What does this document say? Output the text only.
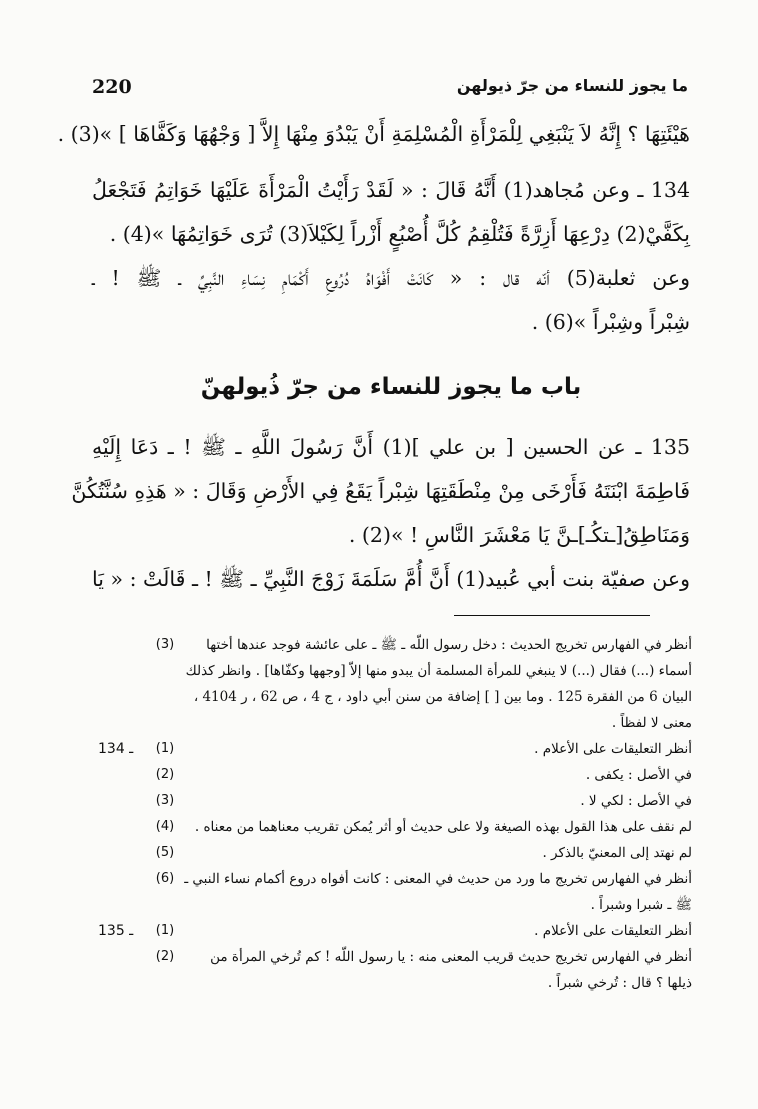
ما يجوز للنساء من جرّ ذيولهن
220
هَيْئَتِهَا ؟ إِنَّهُ لاَ يَنْبَغِي لِلْمَرْأَةِ الْمُسْلِمَةِ أَنْ يَبْدُوَ مِنْهَا إِلاَّ [ وَجْهُهَا وَكَفَّاهَا ] »(3) .
134 ـ وعن مُجاهد(1) أَنَّهُ قَالَ : « لَقَدْ رَأَيْتُ الْمَرْأَةَ عَلَيْهَا خَوَاتِمُ فَتَجْعَلُ
بِكَفَّيْ(2) دِرْعِهَا أَزِرَّةً فَتُلْقِمُ كُلَّ أُصْبُعٍ أَزْراً لِكَيْلاَ(3) تُرَى خَوَاتِمُهَا »(4) .
وعن ثعلبة(5) أنّه قال : « كَانَتْ أَفْوَاهُ دُرُوعِ أَكْمَامِ نِسَاءِ النَّبِيِّ ـ ﷺ ! ـ
شِبْراً وشِبْراً »(6) .
باب ما يجوز للنساء من جرّ ذُيولهنّ
135 ـ عن الحسين [ بن علي ](1) أَنَّ رَسُولَ اللَّهِ ـ ﷺ ! ـ دَعَا إِلَيْهِ
فَاطِمَةَ ابْنَتَهُ فَأَرْخَى مِنْ مِنْطَقَتِهَا شِبْراً يَقَعُ فِي الأَرْضِ وَقَالَ : « هَذِهِ سُنَّتُكُنَّ
وَمَنَاطِقُ[ـتكُـ]ـنَّ يَا مَعْشَرَ النَّاسِ ! »(2) .
وعن صفيّة بنت أبي عُبيد(1) أَنَّ أُمَّ سَلَمَةَ زَوْجَ النَّبِيِّ ـ ﷺ ! ـ قَالَتْ : « يَا
(3)	أنظر في الفهارس تخريج الحديث : دخل رسول اللّه ـ ﷺ ـ على عائشة فوجد عندها أختها أسماء (...) فقال (...) لا ينبغي للمرأة المسلمة أن يبدو منها إلاّ [وجهها وكفّاها] . وانظر كذلك البيان 6 من الفقرة 125 . وما بين [ ] إضافة من سنن أبي داود ، ج 4 ، ص 62 ، ر 4104 ، معنى لا لفظاً .
134 ـ	(1)	أنظر التعليقات على الأعلام .
(2)	في الأصل : يكفى .
(3)	في الأصل : لكي لا .
(4)	لم نقف على هذا القول بهذه الصيغة ولا على حديث أو أثر يُمكن تقريب معناهما من معناه .
(5)	لم نهتد إلى المعنيّ بالذكر .
(6) أنظر في الفهارس تخريج ما ورد من حديث في المعنى : كانت أفواه دروع أكمام نساء النبي ـ ﷺ ـ شبرا وشبراً .
135 ـ	(1)	أنظر التعليقات على الأعلام .
(2)	أنظر في الفهارس تخريج حديث قريب المعنى منه : يا رسول اللّه ! كم تُرخي المرأة من ذيلها ؟ قال : تُرخي شبراً .
